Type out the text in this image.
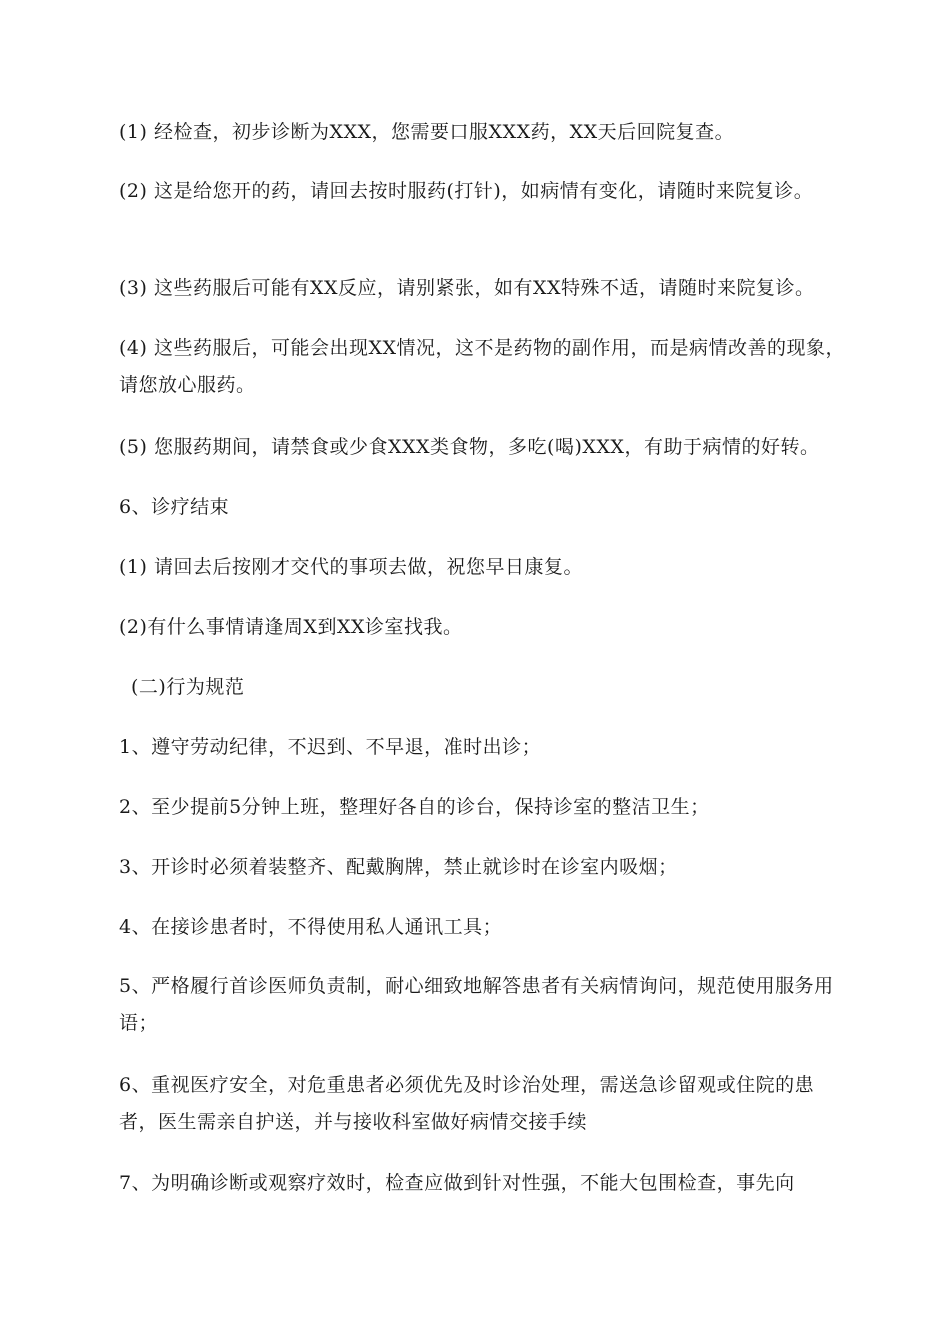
(1) 经检查，初步诊断为XXX，您需要口服XXX药，XX天后回院复查。

(2) 这是给您开的药，请回去按时服药(打针)，如病情有变化，请随时来院复诊。

(3) 这些药服后可能有XX反应，请别紧张，如有XX特殊不适，请随时来院复诊。

(4) 这些药服后，可能会出现XX情况，这不是药物的副作用，而是病情改善的现象，请您放心服药。

(5) 您服药期间，请禁食或少食XXX类食物，多吃(喝)XXX，有助于病情的好转。

6、诊疗结束

(1) 请回去后按刚才交代的事项去做，祝您早日康复。

(2)有什么事情请逢周X到XX诊室找我。

(二)行为规范

1、遵守劳动纪律，不迟到、不早退，准时出诊；

2、至少提前5分钟上班，整理好各自的诊台，保持诊室的整洁卫生；

3、开诊时必须着装整齐、配戴胸牌，禁止就诊时在诊室内吸烟；

4、在接诊患者时，不得使用私人通讯工具；

5、严格履行首诊医师负责制，耐心细致地解答患者有关病情询问，规范使用服务用语；

6、重视医疗安全，对危重患者必须优先及时诊治处理，需送急诊留观或住院的患者，医生需亲自护送，并与接收科室做好病情交接手续

7、为明确诊断或观察疗效时，检查应做到针对性强，不能大包围检查，事先向
